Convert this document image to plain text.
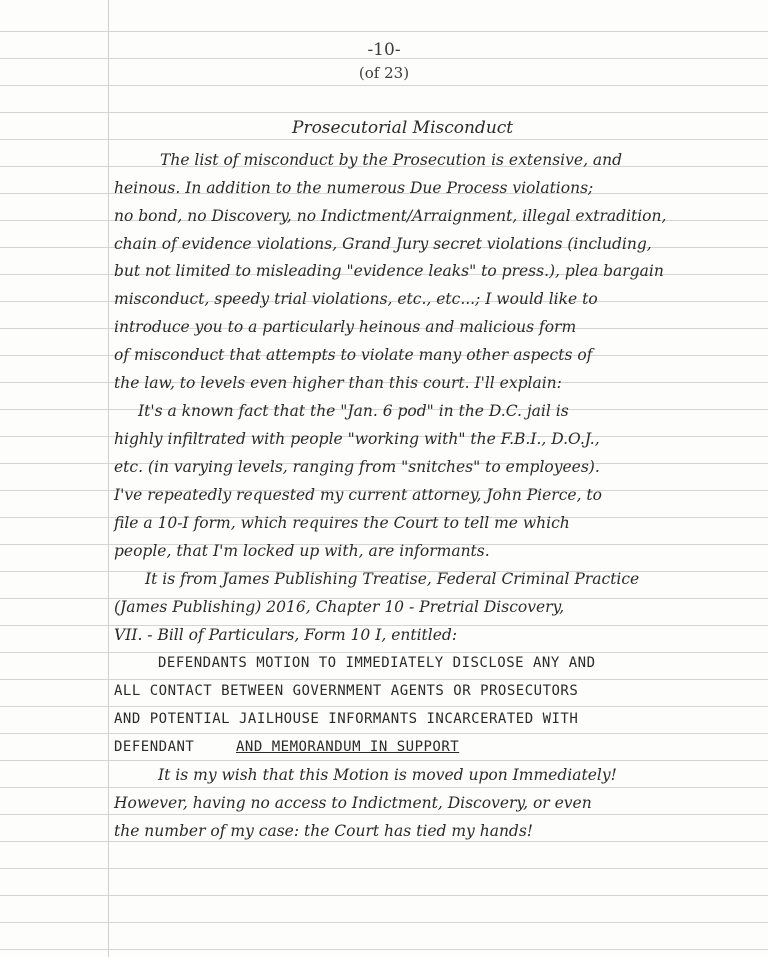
-10-
(of 23)
Prosecutorial Misconduct
The list of misconduct by the Prosecution is extensive, and
heinous. In addition to the numerous Due Process violations;
no bond, no Discovery, no Indictment/Arraignment, illegal extradition,
chain of evidence violations, Grand Jury secret violations (including,
but not limited to misleading "evidence leaks" to press.), plea bargain
misconduct, speedy trial violations, etc., etc...; I would like to
introduce you to a particularly heinous and malicious form
of misconduct that attempts to violate many other aspects of
the law, to levels even higher than this court. I'll explain:
It's a known fact that the "Jan. 6 pod" in the D.C. jail is
highly infiltrated with people "working with" the F.B.I., D.O.J.,
etc. (in varying levels, ranging from "snitches" to employees).
I've repeatedly requested my current attorney, John Pierce, to
file a 10-I form, which requires the Court to tell me which
people, that I'm locked up with, are informants.
It is from James Publishing Treatise, Federal Criminal Practice
(James Publishing) 2016, Chapter 10 - Pretrial Discovery,
VII. - Bill of Particulars, Form 10 I, entitled:
DEFENDANTS MOTION TO IMMEDIATELY DISCLOSE ANY AND
ALL CONTACT BETWEEN GOVERNMENT AGENTS OR PROSECUTORS
AND POTENTIAL JAILHOUSE INFORMANTS INCARCERATED WITH
DEFENDANT	AND MEMORANDUM IN SUPPORT
It is my wish that this Motion is moved upon Immediately!
However, having no access to Indictment, Discovery, or even
the number of my case: the Court has tied my hands!
